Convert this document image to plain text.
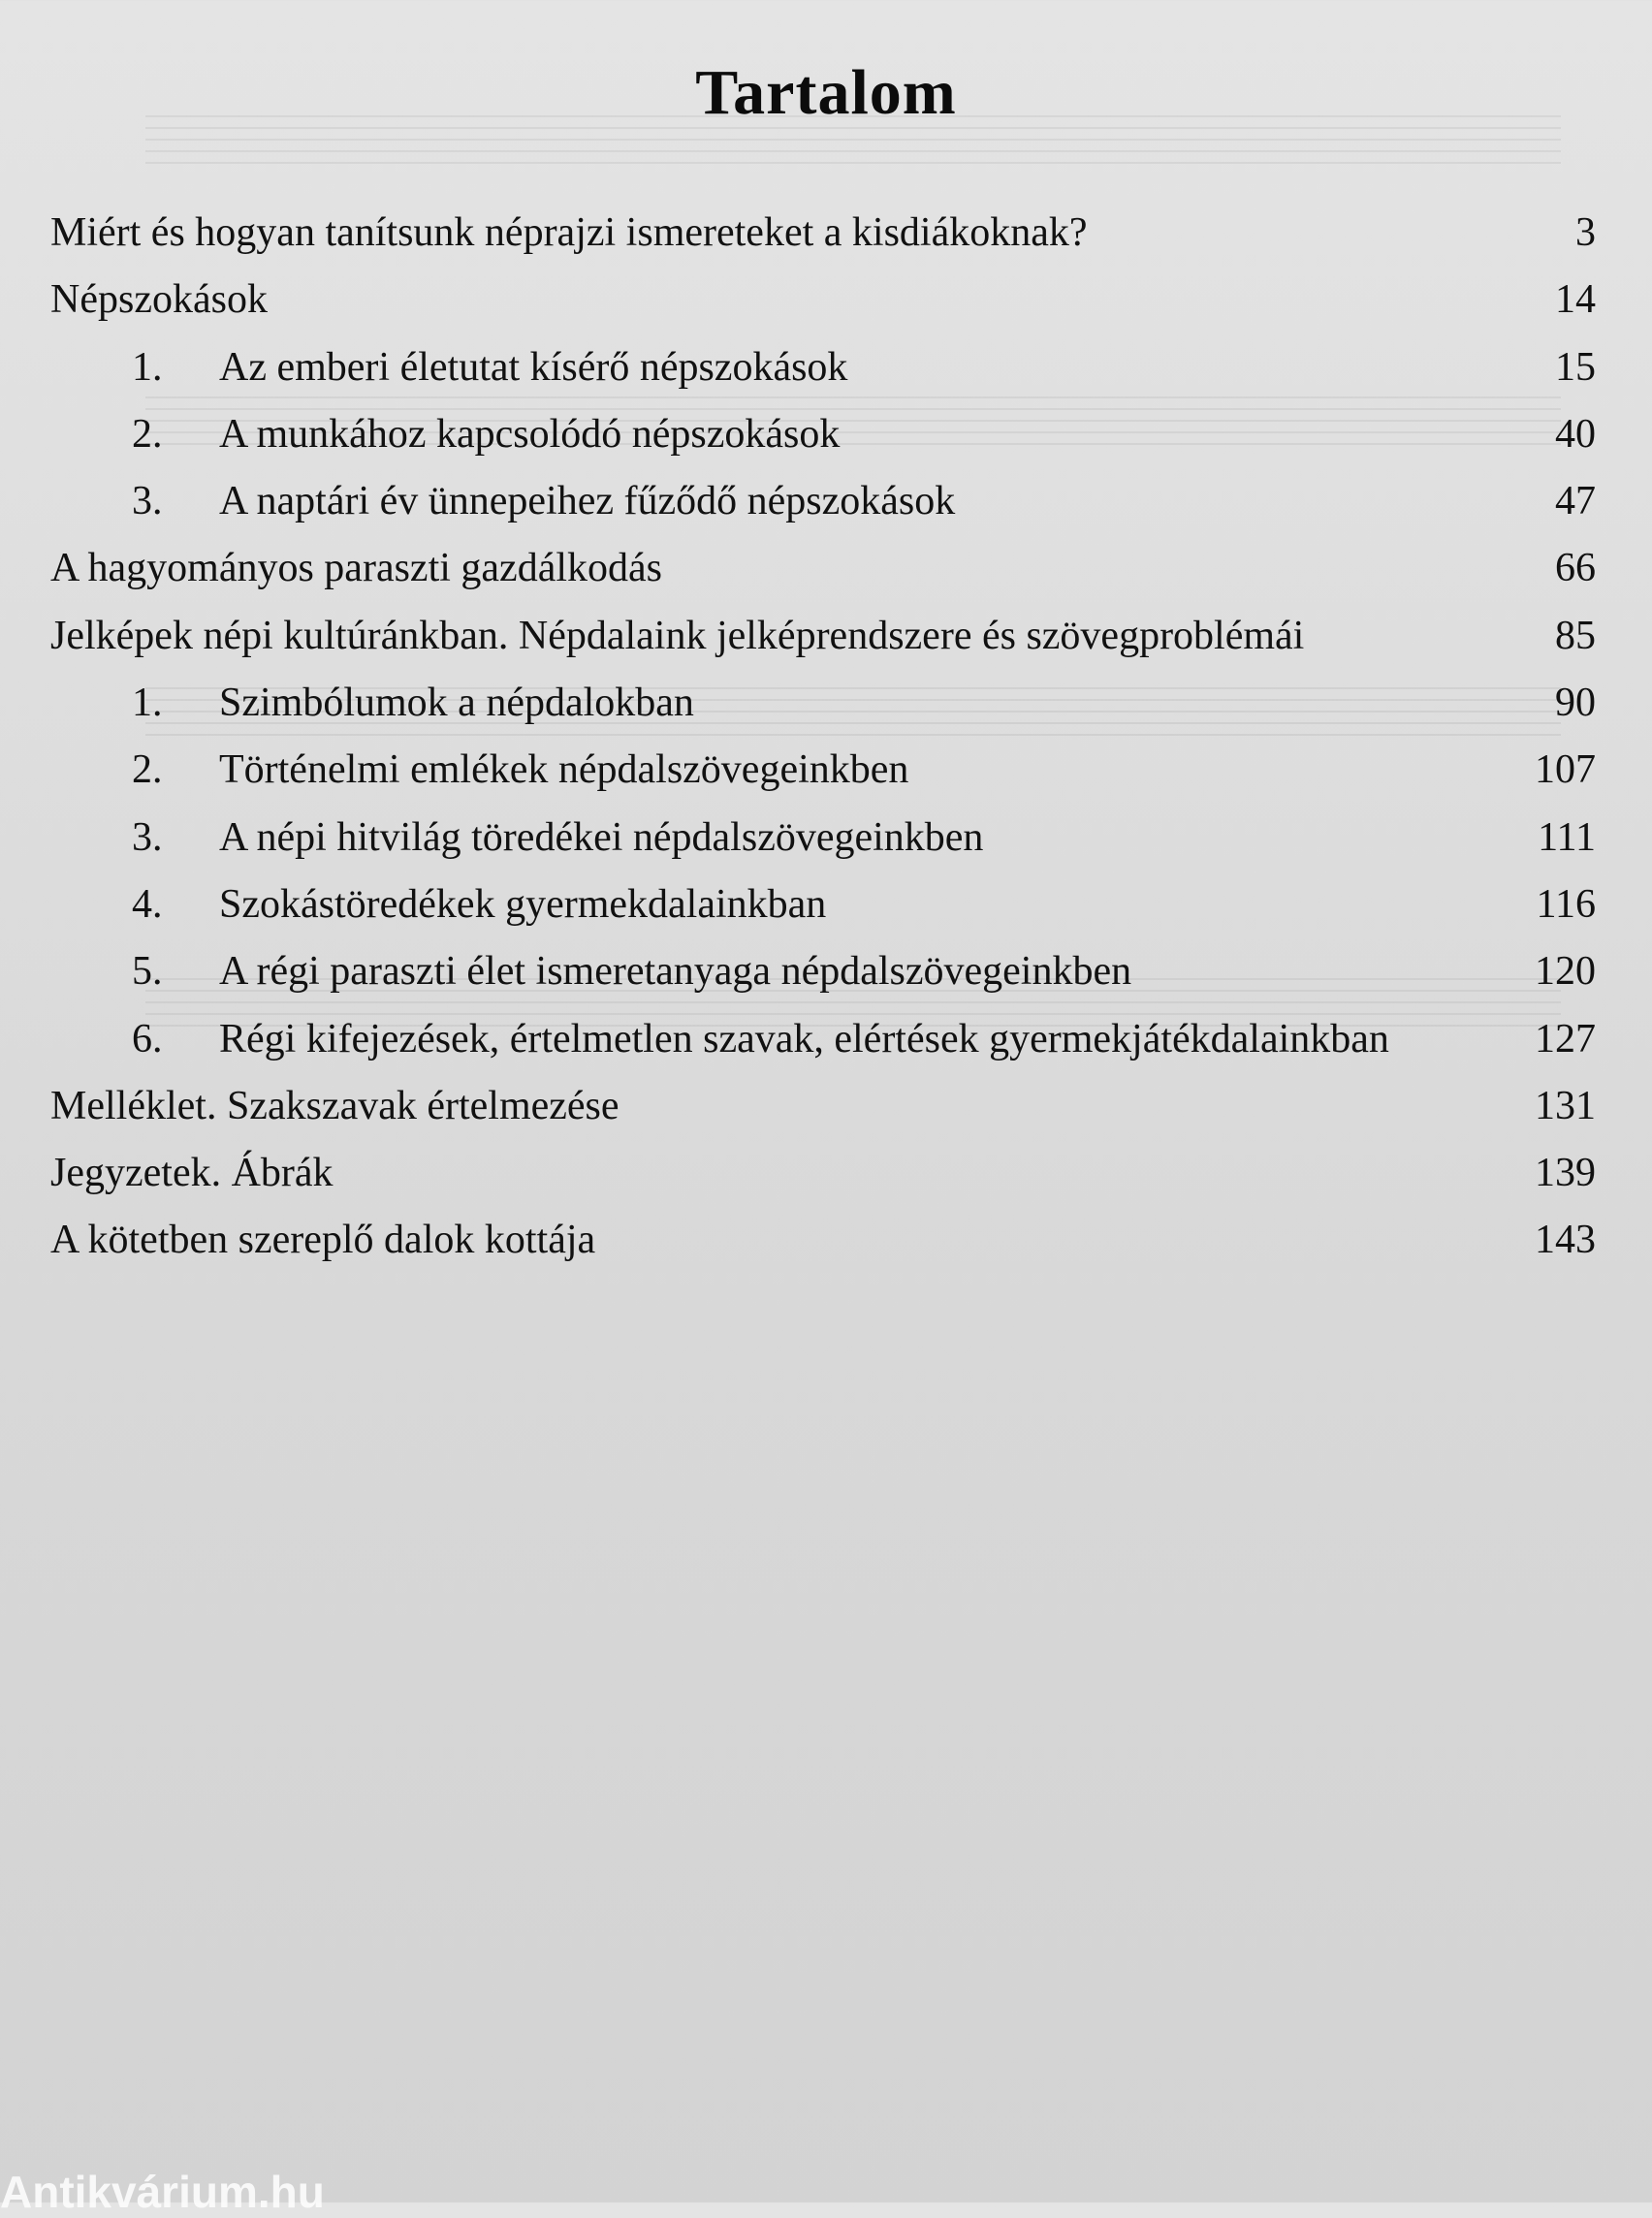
Tartalom
Miért és hogyan tanítsunk néprajzi ismereteket a kisdiákoknak?	3
Népszokások	14
1. Az emberi életutat kísérő népszokások	15
2. A munkához kapcsolódó népszokások	40
3. A naptári év ünnepeihez fűződő népszokások	47
A hagyományos paraszti gazdálkodás	66
Jelképek népi kultúránkban. Népdalaink jelképrendszere és szövegproblémái	85
1. Szimbólumok a népdalokban	90
2. Történelmi emlékek népdalszövegeinkben	107
3. A népi hitvilág töredékei népdalszövegeinkben	111
4. Szokástöredékek gyermekdalainkban	116
5. A régi paraszti élet ismeretanyaga népdalszövegeinkben	120
6. Régi kifejezések, értelmetlen szavak, elértések gyermekjátékdalainkban	127
Melléklet. Szakszavak értelmezése	131
Jegyzetek. Ábrák	139
A kötetben szereplő dalok kottája	143
Antikvárium.hu
